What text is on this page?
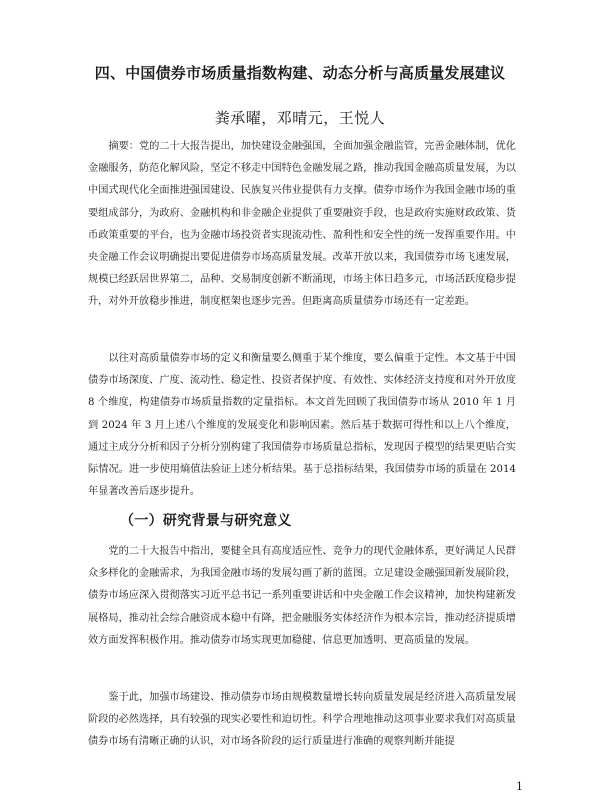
四、中国债券市场质量指数构建、动态分析与高质量发展建议
粪承曜，邓晴元，王悦人

摘要：党的二十大报告提出，加快建设金融强国，全面加强金融监管，完善金融体制，优化金融服务，防范化解风险，坚定不移走中国特色金融发展之路，推动我国金融高质量发展，为以中国式现代化全面推进强国建设、民族复兴伟业提供有力支撑。债券市场作为我国金融市场的重要组成部分，为政府、金融机构和非金融企业提供了重要融资手段，也是政府实施财政政策、货币政策重要的平台，也为金融市场投资者实现流动性、盈利性和安全性的统一发挥重要作用。中央金融工作会议明确提出要促进债券市场高质量发展。改革开放以来，我国债券市场飞速发展，规模已经跃居世界第二，品种、交易制度创新不断涌现，市场主体日趋多元，市场活跃度稳步提升，对外开放稳步推进，制度框架也逐步完善。但距离高质量债券市场还有一定差距。

以往对高质量债券市场的定义和衡量要么侧重于某个维度，要么偏重于定性。本文基于中国债券市场深度、广度、流动性、稳定性、投资者保护度、有效性、实体经济支持度和对外开放度 8 个维度，构建债券市场质量指数的定量指标。本文首先回顾了我国债券市场从 2010 年 1 月到 2024 年 3 月上述八个维度的发展变化和影响因素。然后基于数据可得性和以上八个维度，通过主成分分析和因子分析分别构建了我国债券市场质量总指标，发现因子模型的结果更贴合实际情况。进一步使用熵值法验证上述分析结果。基于总指标结果，我国债券市场的质量在 2014 年显著改善后逐步提升。

（一）研究背景与研究意义

党的二十大报告中指出，要健全具有高度适应性、竞争力的现代金融体系，更好满足人民群众多样化的金融需求，为我国金融市场的发展勾画了新的蓝图。立足建设金融强国新发展阶段，债券市场应深入贯彻落实习近平总书记一系列重要讲话和中央金融工作会议精神，加快构建新发展格局，推动社会综合融资成本稳中有降，把金融服务实体经济作为根本宗旨，推动经济提质增效方面发挥积极作用。推动债券市场实现更加稳健、信息更加透明、更高质量的发展。

鉴于此，加强市场建设、推动债券市场由规模数量增长转向质量发展是经济进入高质量发展阶段的必然选择，具有较强的现实必要性和迫切性。科学合理地推动这项事业要求我们对高质量债券市场有清晰正确的认识，对市场各阶段的运行质量进行准确的观察判断并能提

1
